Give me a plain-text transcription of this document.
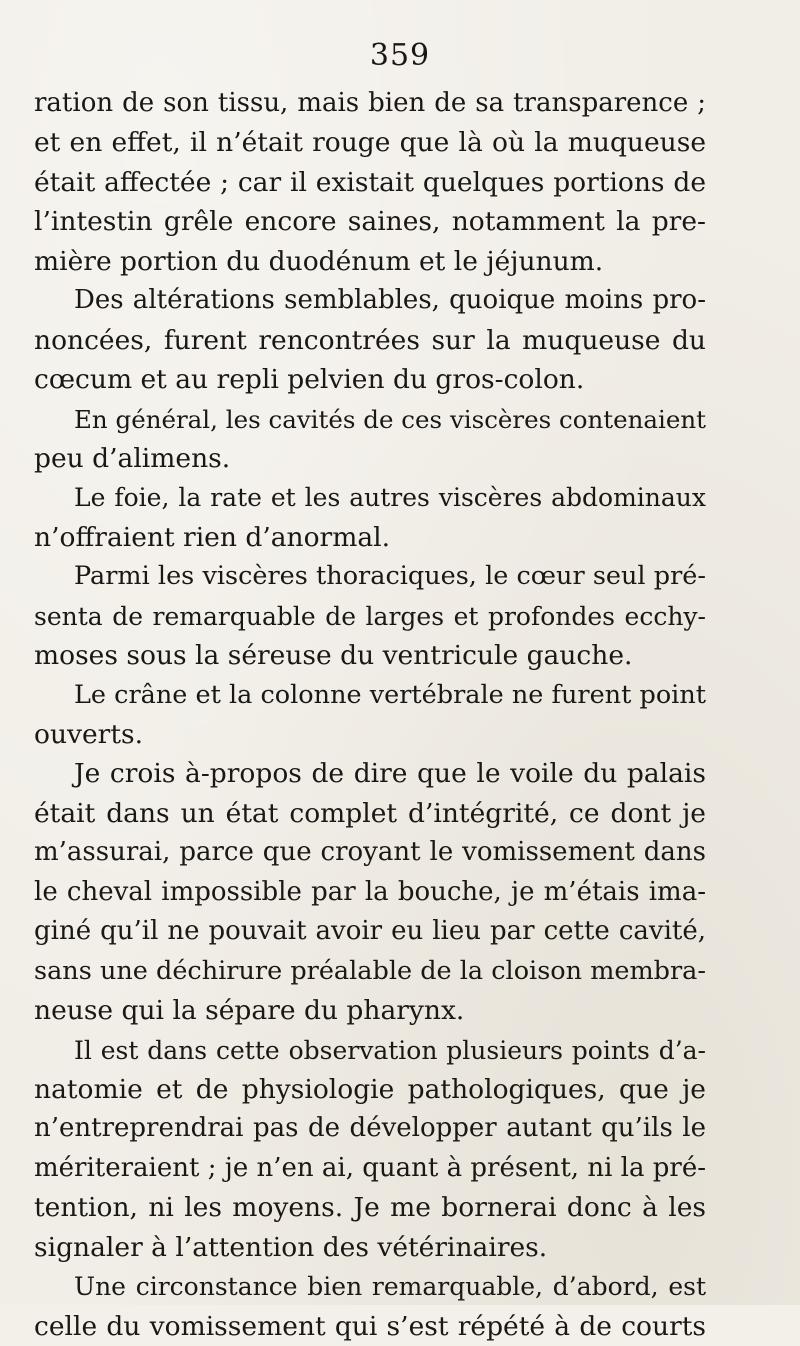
359
ration de son tissu, mais bien de sa transparence ;
et en effet, il n’était rouge que là où la muqueuse
était affectée ; car il existait quelques portions de
l’intestin grêle encore saines, notamment la pre-
mière portion du duodénum et le jéjunum.
Des altérations semblables, quoique moins pro-
noncées, furent rencontrées sur la muqueuse du
cœcum et au repli pelvien du gros-colon.
En général, les cavités de ces viscères contenaient
peu d’alimens.
Le foie, la rate et les autres viscères abdominaux
n’offraient rien d’anormal.
Parmi les viscères thoraciques, le cœur seul pré-
senta de remarquable de larges et profondes ecchy-
moses sous la séreuse du ventricule gauche.
Le crâne et la colonne vertébrale ne furent point
ouverts.
Je crois à-propos de dire que le voile du palais
était dans un état complet d’intégrité, ce dont je
m’assurai, parce que croyant le vomissement dans
le cheval impossible par la bouche, je m’étais ima-
giné qu’il ne pouvait avoir eu lieu par cette cavité,
sans une déchirure préalable de la cloison membra-
neuse qui la sépare du pharynx.
Il est dans cette observation plusieurs points d’a-
natomie et de physiologie pathologiques, que je
n’entreprendrai pas de développer autant qu’ils le
mériteraient ; je n’en ai, quant à présent, ni la pré-
tention, ni les moyens. Je me bornerai donc à les
signaler à l’attention des vétérinaires.
Une circonstance bien remarquable, d’abord, est
celle du vomissement qui s’est répété à de courts
